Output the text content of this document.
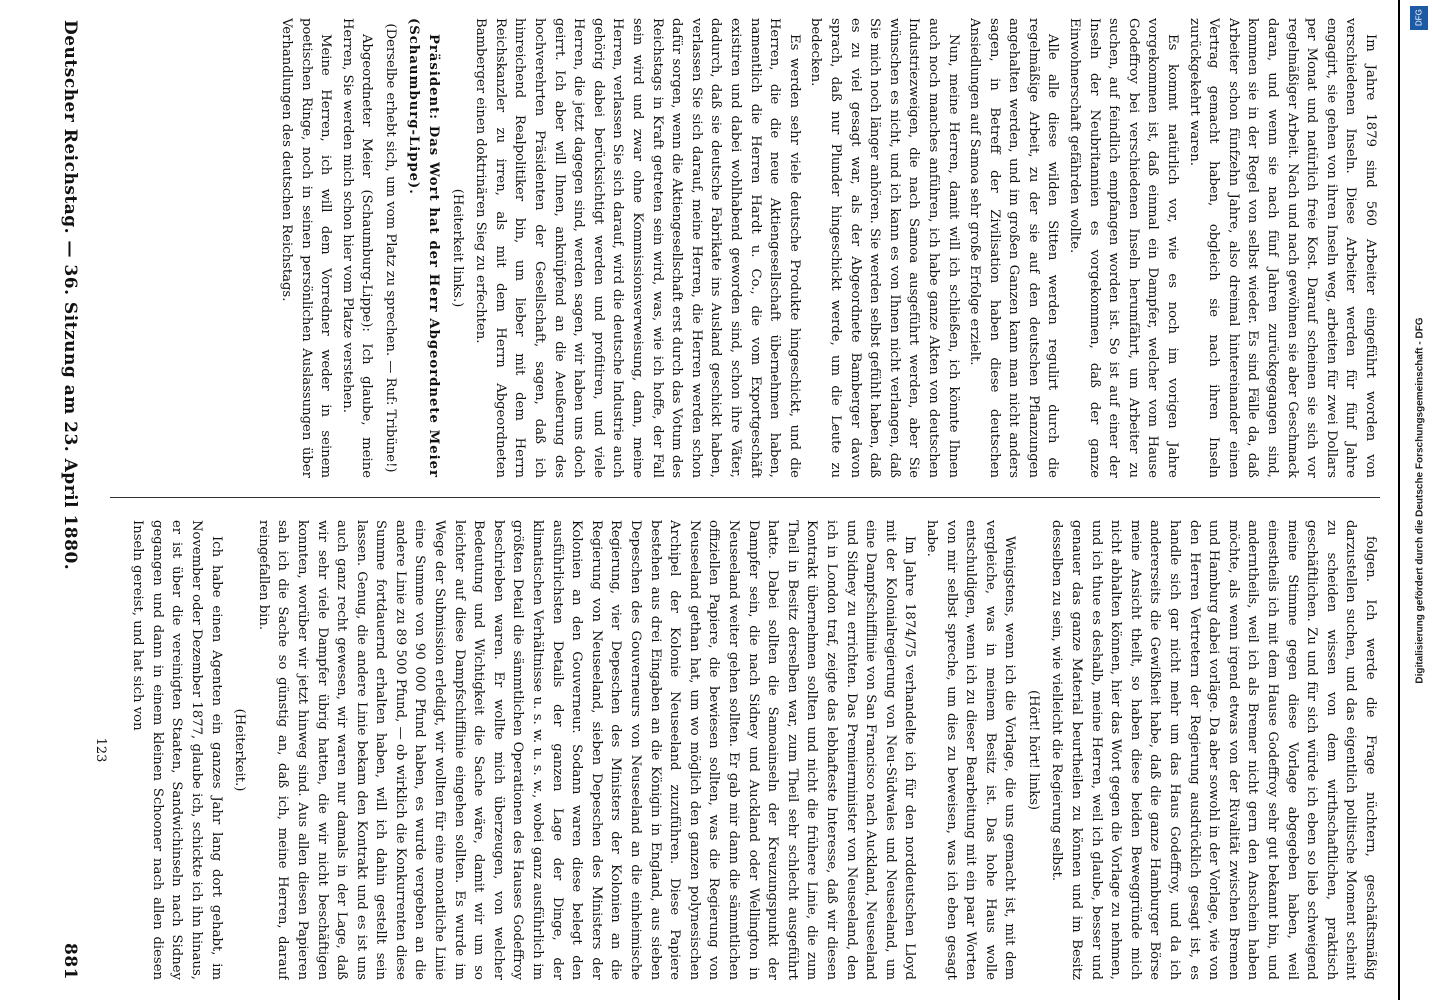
Deutscher Reichstag. — 36. Sitzung am 23. April 1880.
881

Im Jahre 1879 sind 560 Arbeiter eingeführt worden von verschiedenen Inseln. Diese Arbeiter werden für fünf Jahre engagirt, sie gehen von ihren Inseln weg, arbeiten für zwei Dollars per Monat und natürlich freie Kost. Darauf scheinen sie sich vor regelmäßiger Arbeit. Nach und nach gewöhnen sie aber Geschmack daran, und wenn sie nach fünf Jahren zurückgegangen sind, kommen sie in der Regel von selbst wieder. Es sind Fälle da, daß Arbeiter schon fünfzehn Jahre, also dreimal hintereinander einen Vertrag gemacht haben, obgleich sie nach ihren Inseln zurückgekehrt waren.

Es kommt natürlich vor, wie es noch im vorigen Jahre vorgekommen ist, daß einmal ein Dampfer, welcher vom Hause Godeffroy bei verschiedenen Inseln herumfährt, um Arbeiter zu suchen, auf feindlich empfangen worden ist. So ist auf einer der Inseln der Neubritannien es vorgekommen, daß der ganze Einwohnerschaft gefährden wollte.

Alle alle diese wilden Sitten werden regulirt durch die regelmäßige Arbeit, zu der sie auf den deutschen Pflanzungen angehalten werden, und im großen Ganzen kann man nicht anders sagen, in Betreff der Zivilisation haben diese deutschen Ansiedlungen auf Samoa sehr große Erfolge erzielt.

Nun, meine Herren, damit will ich schließen, ich könnte Ihnen auch noch manches anführen, ich habe ganze Akten von deutschen Industriezweigen, die nach Samoa ausgeführt werden, aber Sie wünschen es nicht, und ich kann es von Ihnen nicht verlangen, daß Sie mich noch länger anhören. Sie werden selbst gefühlt haben, daß es zu viel gesagt war, als der Abgeordnete Bamberger davon sprach, daß nur Plunder hingeschickt werde, um die Leute zu bedecken.

Es werden sehr viele deutsche Produkte hingeschickt, und die Herren, die die neue Aktiengesellschaft übernehmen haben, namentlich die Herren Hardt u. Co., die vom Exportgeschäft existiren und dabei wohlhabend geworden sind, schon ihre Väter, dadurch, daß sie deutsche Fabrikate ins Ausland geschickt haben, verlassen Sie sich darauf, meine Herren, die Herren werden schon dafür sorgen, wenn die Aktiengesellschaft erst durch das Votum des Reichstags in Kraft getreten sein wird, was, wie ich hoffe, der Fall sein wird und zwar ohne Kommissionsverweisung, dann, meine Herren, verlassen Sie sich darauf, wird die deutsche Industrie auch gehörig dabei berücksichtigt werden und profitiren, und viele Herren, die jetzt dagegen sind, werden sagen, wir haben uns doch geirrt. Ich aber will Ihnen, anknüpfend an die Aeußerung des hochverehrten Präsidenten der Gesellschaft, sagen, daß ich hinreichend Realpolitiker bin, um lieber mit dem Herrn Reichskanzler zu irren, als mit dem Herrn Abgeordneten Bamberger einen doktrinären Sieg zu erfechten.

(Heiterkeit links.)

Präsident: Das Wort hat der Herr Abgeordnete Meier (Schaumburg-Lippe).

(Derselbe erhebt sich, um vom Platz zu sprechen. — Ruf: Tribüne!)

Abgeordneter Meier (Schaumburg-Lippe): Ich glaube, meine Herren, Sie werden mich schon hier vom Platze verstehen.

Meine Herren, ich will dem Vorredner weder in seinem poetischen Ringe, noch in seinen persönlichen Auslassungen über Verhandlungen des deutschen Reichstags.

folgen. Ich werde die Frage nüchtern, geschäftsmäßig darzustellen suchen, und das eigentlich politische Moment scheint zu scheiden wissen von dem wirthschaftlichen, praktisch geschäftlichen. Zu und für sich würde ich eben so lieb schweigend meine Stimme gegen diese Vorlage abgegeben haben, weil einestheils ich mit dem Hause Godeffroy sehr gut bekannt bin, und anderntheils, weil ich als Bremer nicht gern den Anschein haben möchte, als wenn irgend etwas von der Rivalität zwischen Bremen und Hamburg dabei vorläge. Da aber sowohl in der Vorlage, wie von den Herren Vertretern der Regierung ausdrücklich gesagt ist, es handle sich gar nicht mehr um das Haus Godeffroy, und da ich andererseits die Gewißheit habe, daß die ganze Hamburger Börse meine Ansicht theilt, so haben diese beiden Beweggründe mich nicht abhalten können, hier das Wort gegen die Vorlage zu nehmen, und ich thue es deshalb, meine Herren, weil ich glaube, besser und genauer das ganze Material beurtheilen zu können und im Besitz desselben zu sein, wie vielleicht die Regierung selbst.

(Hört! hört! links)

Wenigstens, wenn ich die Vorlage, die uns gemacht ist, mit dem vergleiche, was in meinem Besitz ist. Das hohe Haus wolle entschuldigen, wenn ich zu dieser Bearbeitung mit ein paar Worten von mir selbst spreche, um dies zu beweisen, was ich eben gesagt habe.

Im Jahre 1874/75 verhandelte ich für den norddeutschen Lloyd mit der Kolonialregierung von Neu-Südwales und Neuseeland, um eine Dampfschifflinie von San Francisco nach Auckland, Neuseeland und Sidney zu errichten. Das Premierminister von Neuseeland, den ich in London traf, zeigte das lebhafteste Interesse, daß wir diesen Kontrakt übernehmen sollten und nicht die frühere Linie, die zum Theil in Besitz derselben war, zum Theil sehr schlecht ausgeführt hatte. Dabei sollten die Samoainseln der Kreuzungspunkt der Dampfer sein, die nach Sidney und Auckland oder Wellington in Neuseeland weiter gehen sollten. Er gab mir dann die sämmtlichen offiziellen Papiere, die bewiesen sollten, was die Regierung von Neuseeland gethan hat, um wo möglich den ganzen polynesischen Archipel der Kolonie Neuseeland zuzuführen. Diese Papiere bestehen aus drei Eingaben an die Königin in England, aus sieben Depeschen des Gouverneurs von Neuseeland an die einheimische Regierung, vier Depeschen des Ministers der Kolonien an die Regierung von Neuseeland, sieben Depeschen des Ministers der Kolonien an den Gouverneur. Sodann waren diese belegt den ausführlichsten Details der ganzen Lage der Dinge, der klimatischen Verhältnisse u. s. w. u. s. w., wobei ganz ausführlich im größten Detail die sämmtlichen Operationen des Hauses Godeffroy beschrieben waren. Er wollte mich überzeugen, von welcher Bedeutung und Wichtigkeit die Sache wäre, damit wir um so leichter auf diese Dampfschifflinie eingehen sollten. Es wurde im Wege der Submission erledigt, wir wollten für eine monatliche Linie eine Summe von 90 000 Pfund haben, es wurde vergeben an die andere Linie zu 89 500 Pfund, — ob wirklich die Konkurrenten diese Summe fortdauernd erhalten haben, will ich dahin gestellt sein lassen. Genug, die andere Linie bekam den Kontrakt und es ist uns auch ganz recht gewesen, wir waren nur damals in der Lage, daß wir sehr viele Dampfer übrig hatten, die wir nicht beschäftigen konnten, worüber wir jetzt hinweg sind. Aus allen diesen Papieren sah ich die Sache so günstig an, daß ich, meine Herren, darauf reingefallen bin.

(Heiterkeit.)

Ich habe einen Agenten ein ganzes Jahr lang dort gehabt, im November oder Dezember 1877, glaube ich, schickte ich ihn hinaus, er ist über die vereinigten Staaten, Sandwichinseln nach Sidney gegangen und dann in einem kleinen Schooner nach allen diesen Inseln gereist, und hat sich von

123
Digitalisierung gefördert durch die Deutsche Forschungsgemeinschaft - DFG
DFG
